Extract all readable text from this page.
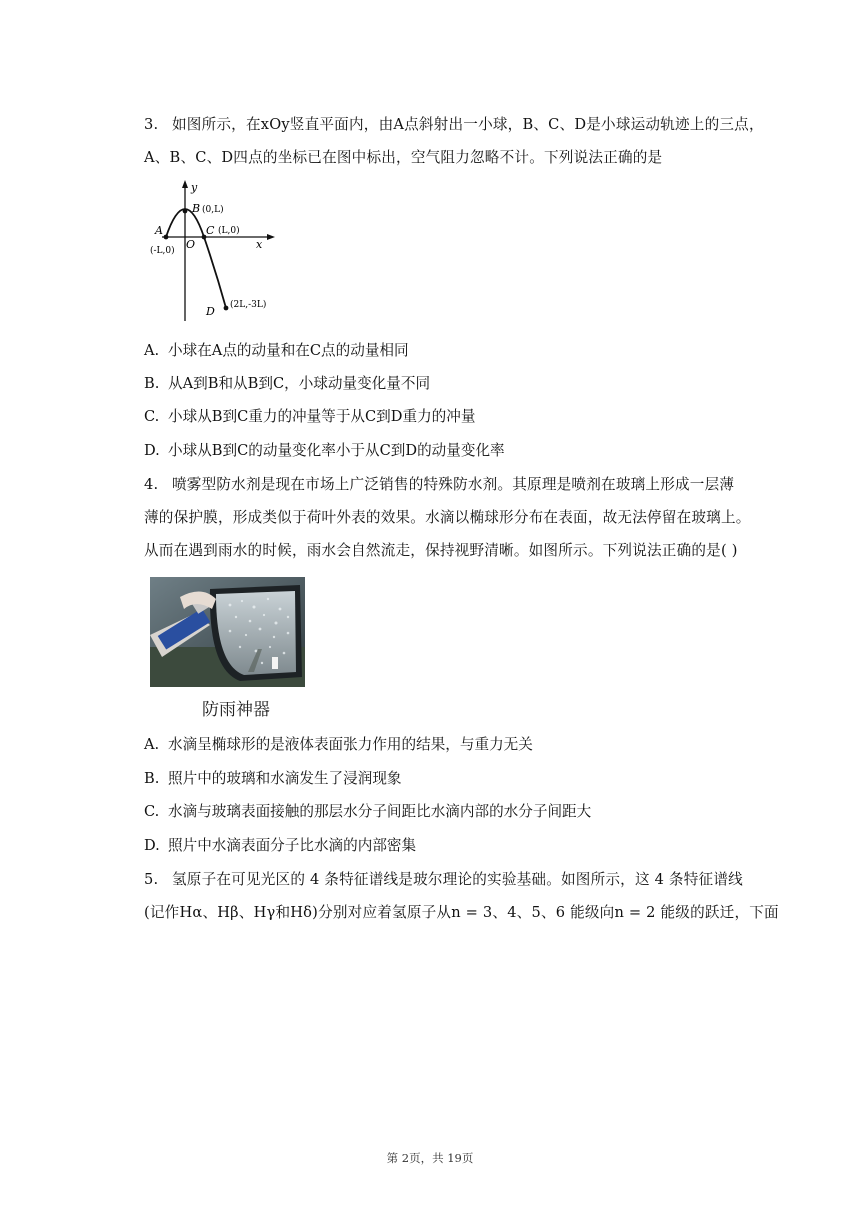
3. 如图所示，在xOy竖直平面内，由A点斜射出一小球，B、C、D是小球运动轨迹上的三点，
A、B、C、D四点的坐标已在图中标出，空气阻力忽略不计。下列说法正确的是
y
x
O
B (0,L)
A
(-L,0)
C (L,0)
D (2L,-3L)
A. 小球在A点的动量和在C点的动量相同
B. 从A到B和从B到C，小球动量变化量不同
C. 小球从B到C重力的冲量等于从C到D重力的冲量
D. 小球从B到C的动量变化率小于从C到D的动量变化率
4. 喷雾型防水剂是现在市场上广泛销售的特殊防水剂。其原理是喷剂在玻璃上形成一层薄
薄的保护膜，形成类似于荷叶外表的效果。水滴以椭球形分布在表面，故无法停留在玻璃上。
从而在遇到雨水的时候，雨水会自然流走，保持视野清晰。如图所示。下列说法正确的是( )
防雨神器
A. 水滴呈椭球形的是液体表面张力作用的结果，与重力无关
B. 照片中的玻璃和水滴发生了浸润现象
C. 水滴与玻璃表面接触的那层水分子间距比水滴内部的水分子间距大
D. 照片中水滴表面分子比水滴的内部密集
5. 氢原子在可见光区的 4 条特征谱线是玻尔理论的实验基础。如图所示，这 4 条特征谱线
(记作Hα、Hβ、Hγ和Hδ)分别对应着氢原子从n = 3、4、5、6 能级向n = 2 能级的跃迁，下面
第 2页，共 19页
